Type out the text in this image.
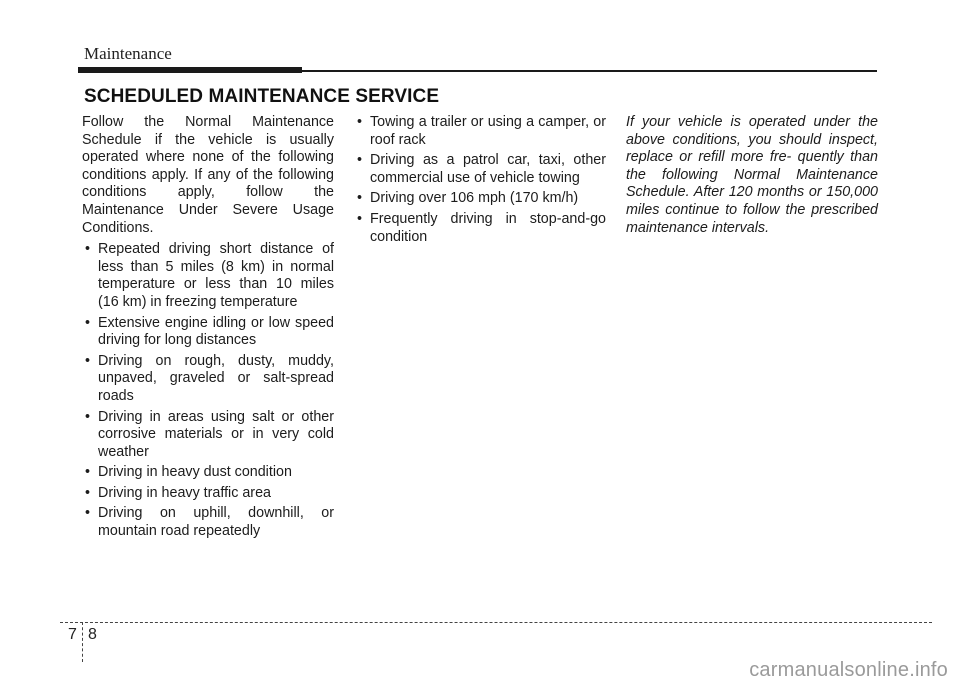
Maintenance
SCHEDULED MAINTENANCE SERVICE

Follow the Normal Maintenance Schedule if the vehicle is usually operated where none of the following conditions apply. If any of the following conditions apply, follow the Maintenance Under Severe Usage Conditions.

• Repeated driving short distance of less than 5 miles (8 km) in normal temperature or less than 10 miles (16 km) in freezing temperature
• Extensive engine idling or low speed driving for long distances
• Driving on rough, dusty, muddy, unpaved, graveled or salt-spread roads
• Driving in areas using salt or other corrosive materials or in very cold weather
• Driving in heavy dust condition
• Driving in heavy traffic area
• Driving on uphill, downhill, or mountain road repeatedly
• Towing a trailer or using a camper, or roof rack
• Driving as a patrol car, taxi, other commercial use of vehicle towing
• Driving over 106 mph (170 km/h)
• Frequently driving in stop-and-go condition

If your vehicle is operated under the above conditions, you should inspect, replace or refill more fre- quently than the following Normal Maintenance Schedule. After 120 months or 150,000 miles continue to follow the prescribed maintenance intervals.

7 8
carmanualsonline.info
